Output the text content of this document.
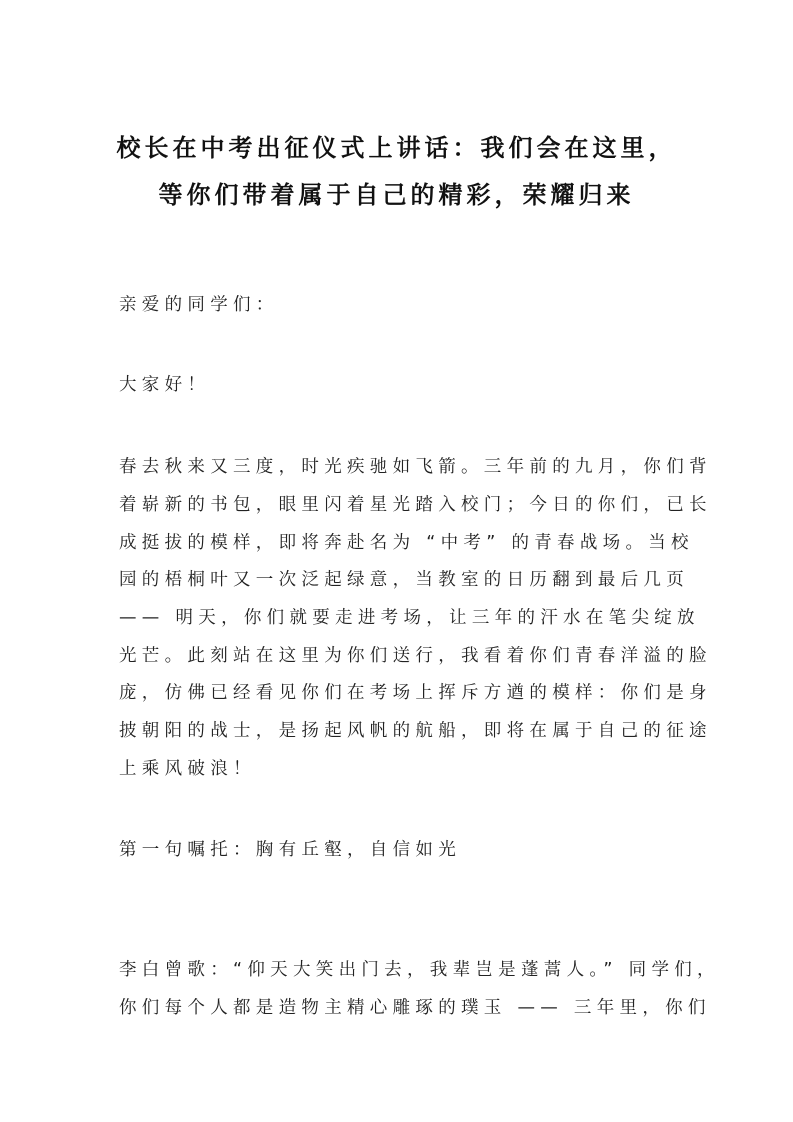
校长在中考出征仪式上讲话：我们会在这里，
等你们带着属于自己的精彩，荣耀归来
亲爱的同学们：
大家好！
春去秋来又三度，时光疾驰如飞箭。三年前的九月，你们背
着崭新的书包，眼里闪着星光踏入校门；今日的你们，已长
成挺拔的模样，即将奔赴名为 “中考” 的青春战场。当校
园的梧桐叶又一次泛起绿意，当教室的日历翻到最后几页
—— 明天，你们就要走进考场，让三年的汗水在笔尖绽放
光芒。此刻站在这里为你们送行，我看着你们青春洋溢的脸
庞，仿佛已经看见你们在考场上挥斥方遒的模样：你们是身
披朝阳的战士，是扬起风帆的航船，即将在属于自己的征途
上乘风破浪！
第一句嘱托：胸有丘壑，自信如光
李白曾歌：“仰天大笑出门去，我辈岂是蓬蒿人。” 同学们，
你们每个人都是造物主精心雕琢的璞玉 —— 三年里，你们
